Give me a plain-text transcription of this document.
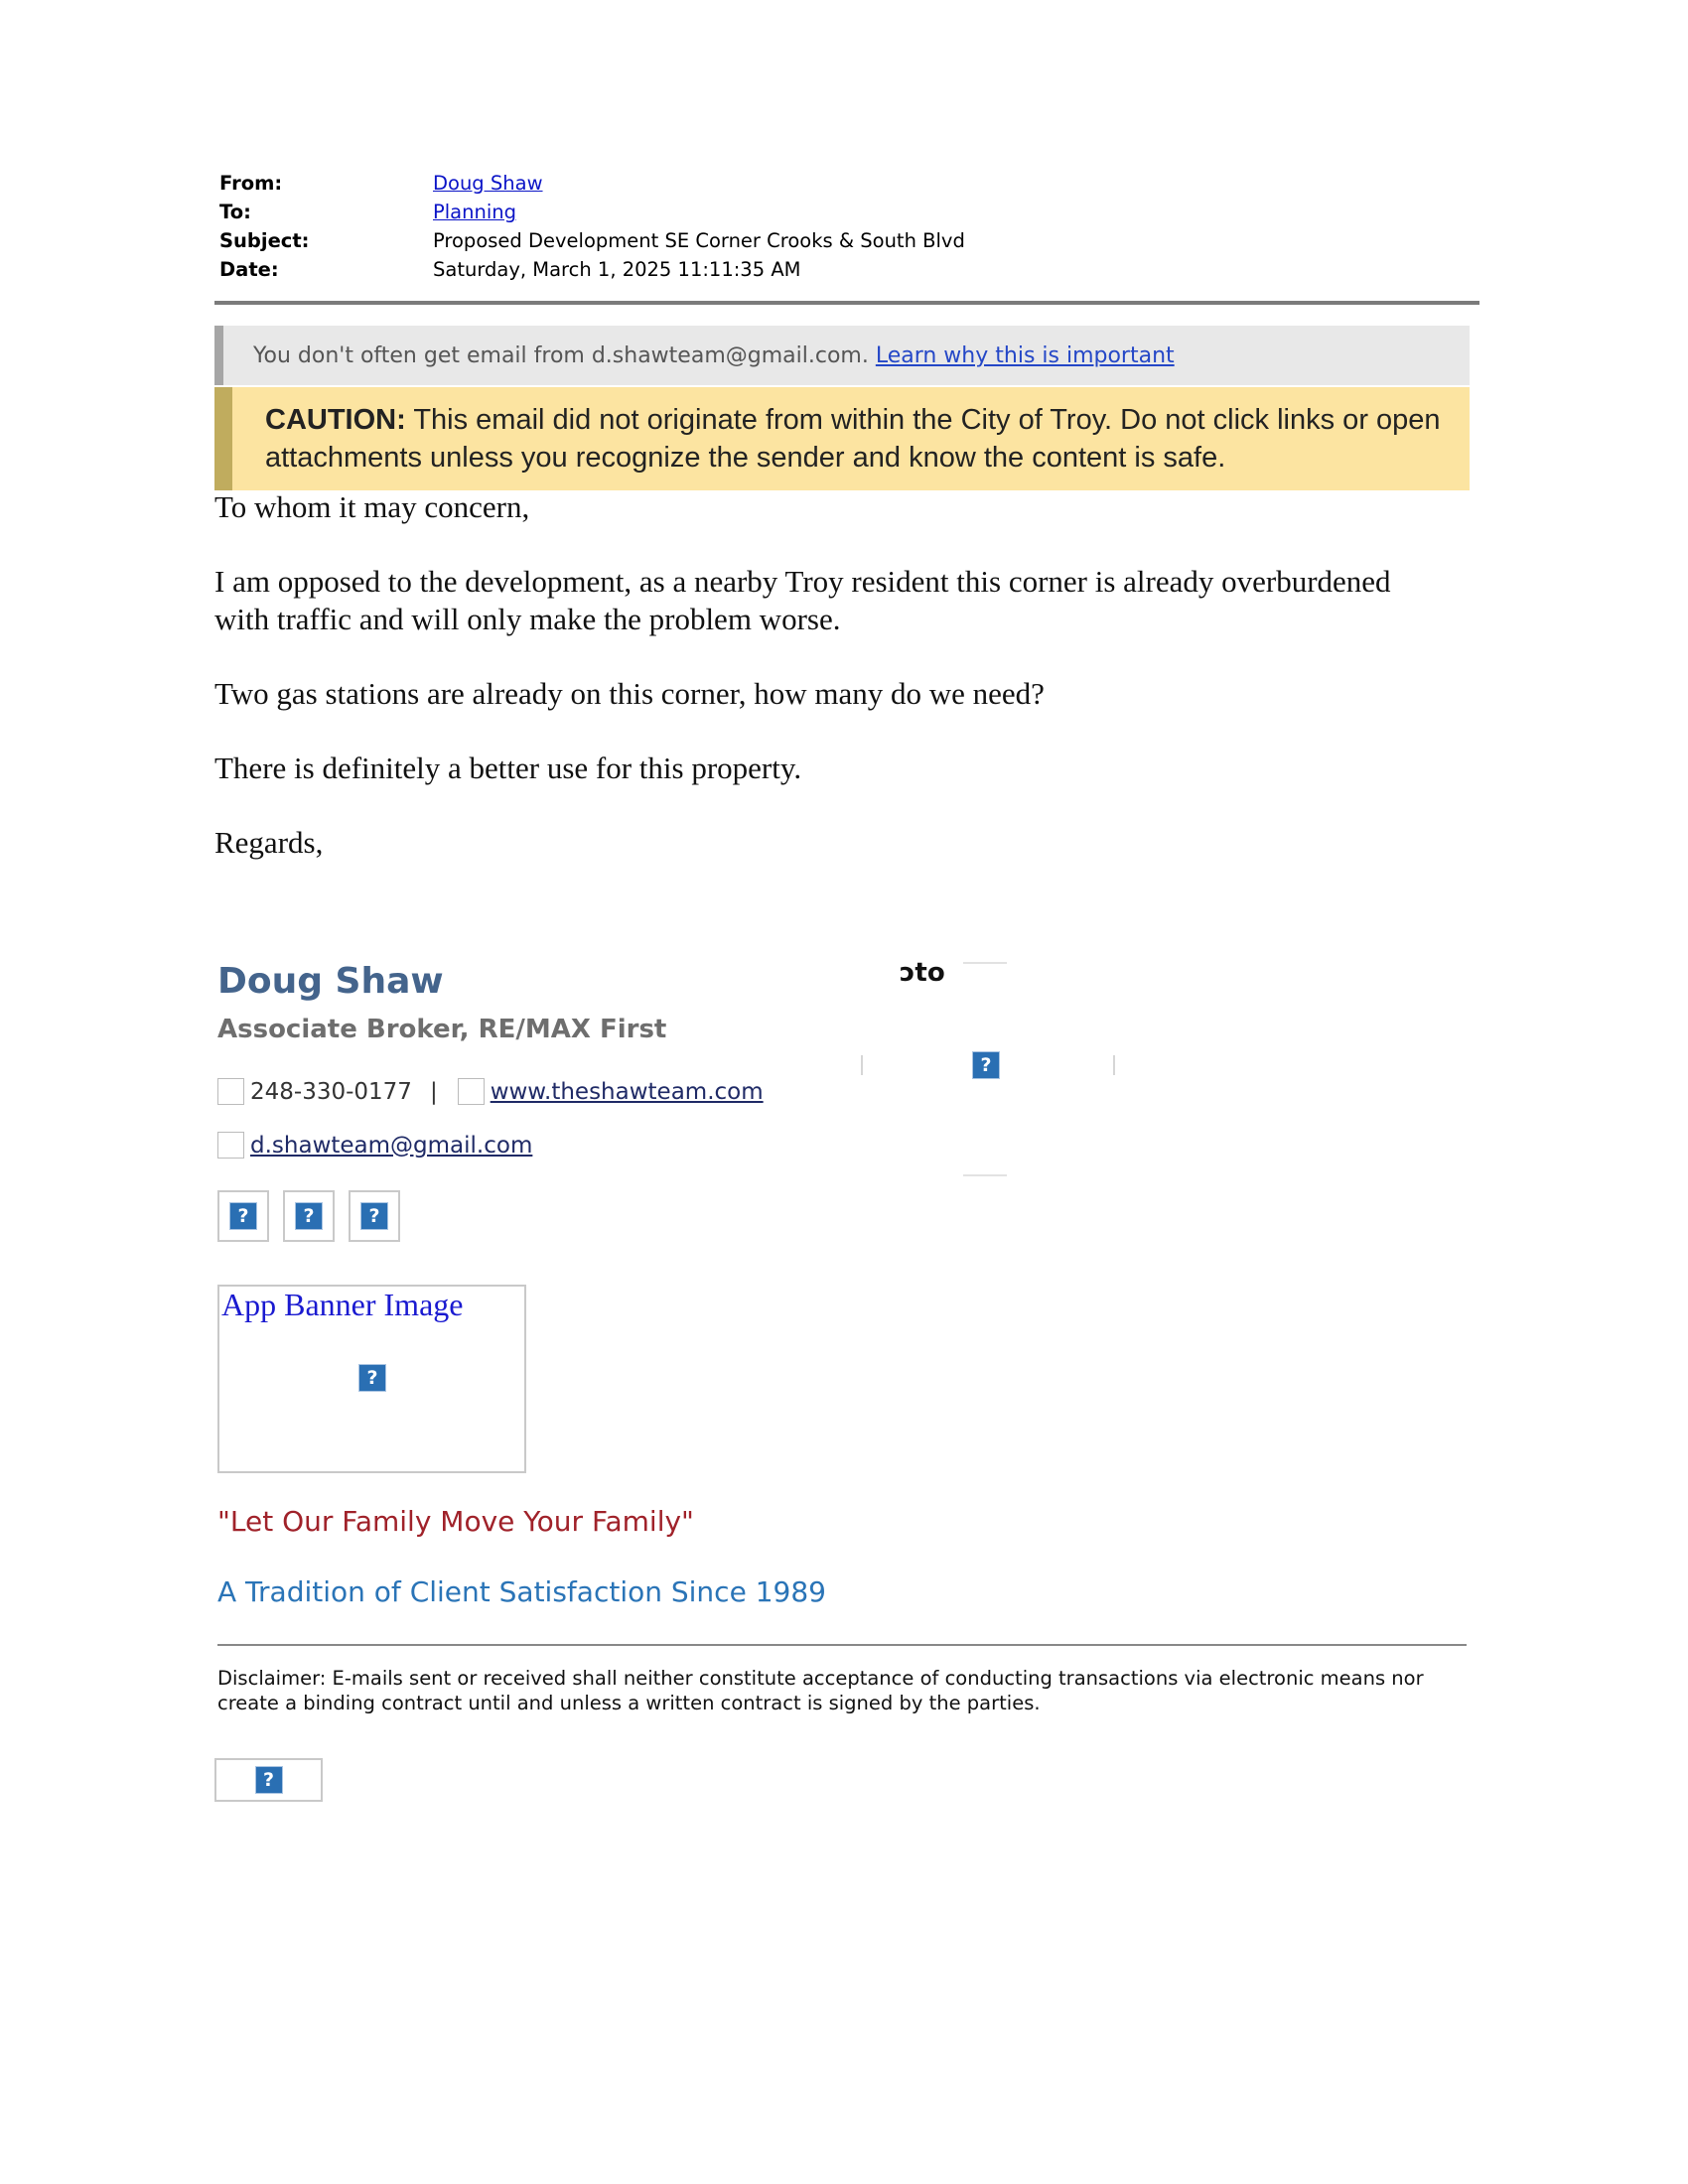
From:	Doug Shaw
To:	Planning
Subject:	Proposed Development SE Corner Crooks & South Blvd
Date:	Saturday, March 1, 2025 11:11:35 AM
You don't often get email from d.shawteam@gmail.com. Learn why this is important
CAUTION: This email did not originate from within the City of Troy. Do not click links or open attachments unless you recognize the sender and know the content is safe.

To whom it may concern,

I am opposed to the development, as a nearby Troy resident this corner is already overburdened with traffic and will only make the problem worse.

Two gas stations are already on this corner, how many do we need?

There is definitely a better use for this property.

Regards,

Doug Shaw
Associate Broker, RE/MAX First
248-330-0177 | www.theshawteam.com
d.shawteam@gmail.com
?	?	?
ɔto
?
App Banner Image
?
"Let Our Family Move Your Family"
A Tradition of Client Satisfaction Since 1989
Disclaimer: E-mails sent or received shall neither constitute acceptance of conducting transactions via electronic means nor create a binding contract until and unless a written contract is signed by the parties.
?
